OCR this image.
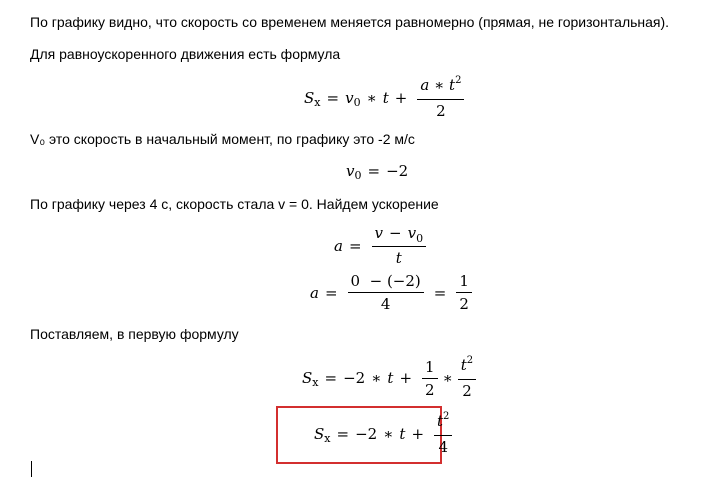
По графику видно, что скорость со временем меняется равномерно (прямая, не горизонтальная).
Для равноускоренного движения есть формула
S x = v 0 ∗ $t + \frac{a ∗ t^2}{2}$
V₀ это скорость в начальный момент, по графику это -2 м/с
v 0 = −2
По графику через 4 с, скорость стала v = 0. Найдем ускорение
$a = \frac{v - v_0}{t}$
$a = \frac{0 - (-2)}{4} = \frac{1}{2}$
Поставляем, в первую формулу
S x = −2 ∗ $t + \frac{1}{2}$ ∗ $\frac{t^2}{2}$
S x = −2 ∗ $t + \frac{t^2}{4}$
